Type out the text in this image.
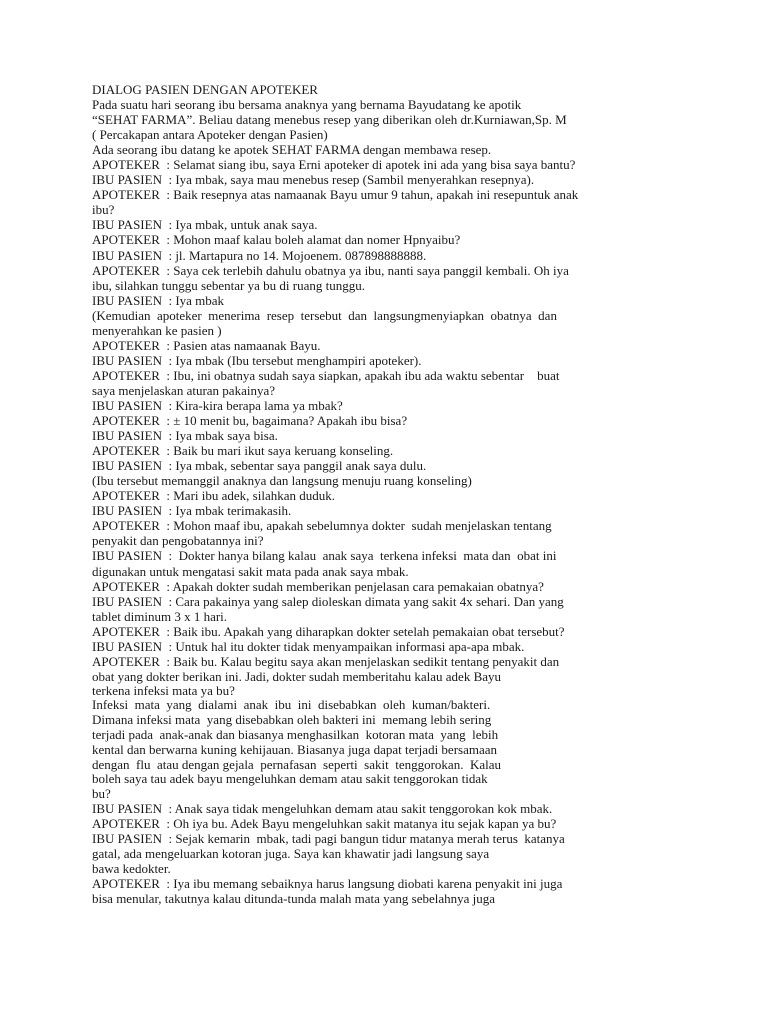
DIALOG PASIEN DENGAN APOTEKER
Pada suatu hari seorang ibu bersama anaknya yang bernama Bayudatang ke apotik
“SEHAT FARMA”. Beliau datang menebus resep yang diberikan oleh dr.Kurniawan,Sp. M
( Percakapan antara Apoteker dengan Pasien)
Ada seorang ibu datang ke apotek SEHAT FARMA dengan membawa resep.
APOTEKER  : Selamat siang ibu, saya Erni apoteker di apotek ini ada yang bisa saya bantu?
IBU PASIEN  : Iya mbak, saya mau menebus resep (Sambil menyerahkan resepnya).
APOTEKER  : Baik resepnya atas namaanak Bayu umur 9 tahun, apakah ini resepuntuk anak
ibu?
IBU PASIEN  : Iya mbak, untuk anak saya.
APOTEKER  : Mohon maaf kalau boleh alamat dan nomer Hpnyaibu?
IBU PASIEN  : jl. Martapura no 14. Mojoenem. 087898888888.
APOTEKER  : Saya cek terlebih dahulu obatnya ya ibu, nanti saya panggil kembali. Oh iya
ibu, silahkan tunggu sebentar ya bu di ruang tunggu.
IBU PASIEN  : Iya mbak
(Kemudian  apoteker  menerima  resep  tersebut  dan  langsungmenyiapkan  obatnya  dan
menyerahkan ke pasien )
APOTEKER  : Pasien atas namaanak Bayu.
IBU PASIEN  : Iya mbak (Ibu tersebut menghampiri apoteker).
APOTEKER  : Ibu, ini obatnya sudah saya siapkan, apakah ibu ada waktu sebentar    buat
saya menjelaskan aturan pakainya?
IBU PASIEN  : Kira-kira berapa lama ya mbak?
APOTEKER  : ± 10 menit bu, bagaimana? Apakah ibu bisa?
IBU PASIEN  : Iya mbak saya bisa.
APOTEKER  : Baik bu mari ikut saya keruang konseling.
IBU PASIEN  : Iya mbak, sebentar saya panggil anak saya dulu.
(Ibu tersebut memanggil anaknya dan langsung menuju ruang konseling)
APOTEKER  : Mari ibu adek, silahkan duduk.
IBU PASIEN  : Iya mbak terimakasih.
APOTEKER  : Mohon maaf ibu, apakah sebelumnya dokter  sudah menjelaskan tentang
penyakit dan pengobatannya ini?
IBU PASIEN  :  Dokter hanya bilang kalau  anak saya  terkena infeksi  mata dan  obat ini
digunakan untuk mengatasi sakit mata pada anak saya mbak.
APOTEKER  : Apakah dokter sudah memberikan penjelasan cara pemakaian obatnya?
IBU PASIEN  : Cara pakainya yang salep dioleskan dimata yang sakit 4x sehari. Dan yang
tablet diminum 3 x 1 hari.
APOTEKER  : Baik ibu. Apakah yang diharapkan dokter setelah pemakaian obat tersebut?
IBU PASIEN  : Untuk hal itu dokter tidak menyampaikan informasi apa-apa mbak.
APOTEKER  : Baik bu. Kalau begitu saya akan menjelaskan sedikit tentang penyakit dan
obat yang dokter berikan ini. Jadi, dokter sudah memberitahu kalau adek Bayu
terkena infeksi mata ya bu?
Infeksi  mata  yang  dialami  anak  ibu  ini  disebabkan  oleh  kuman/bakteri.
Dimana infeksi mata  yang disebabkan oleh bakteri ini  memang lebih sering
terjadi pada  anak-anak dan biasanya menghasilkan  kotoran mata  yang  lebih
kental dan berwarna kuning kehijauan. Biasanya juga dapat terjadi bersamaan
dengan  flu  atau dengan gejala  pernafasan  seperti  sakit  tenggorokan.  Kalau
boleh saya tau adek bayu mengeluhkan demam atau sakit tenggorokan tidak
bu?
IBU PASIEN  : Anak saya tidak mengeluhkan demam atau sakit tenggorokan kok mbak.
APOTEKER  : Oh iya bu. Adek Bayu mengeluhkan sakit matanya itu sejak kapan ya bu?
IBU PASIEN  : Sejak kemarin  mbak, tadi pagi bangun tidur matanya merah terus  katanya
gatal, ada mengeluarkan kotoran juga. Saya kan khawatir jadi langsung saya
bawa kedokter.
APOTEKER  : Iya ibu memang sebaiknya harus langsung diobati karena penyakit ini juga
bisa menular, takutnya kalau ditunda-tunda malah mata yang sebelahnya juga
